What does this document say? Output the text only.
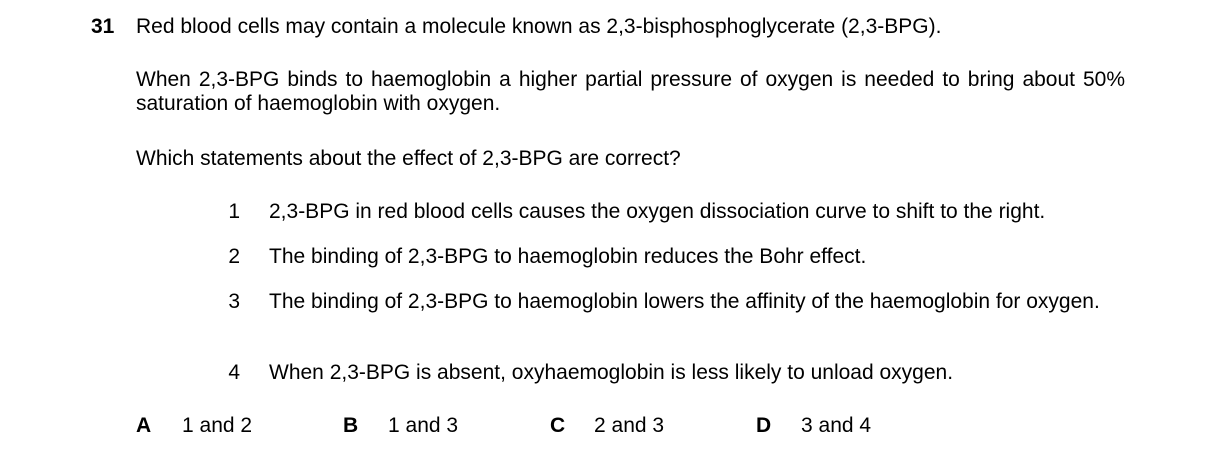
31 Red blood cells may contain a molecule known as 2,3-bisphosphoglycerate (2,3-BPG).
When 2,3-BPG binds to haemoglobin a higher partial pressure of oxygen is needed to bring about 50% saturation of haemoglobin with oxygen.
Which statements about the effect of 2,3-BPG are correct?
1 2,3-BPG in red blood cells causes the oxygen dissociation curve to shift to the right.
2 The binding of 2,3-BPG to haemoglobin reduces the Bohr effect.
3 The binding of 2,3-BPG to haemoglobin lowers the affinity of the haemoglobin for oxygen.
4 When 2,3-BPG is absent, oxyhaemoglobin is less likely to unload oxygen.
A 1 and 2	B 1 and 3	C 2 and 3	D 3 and 4
